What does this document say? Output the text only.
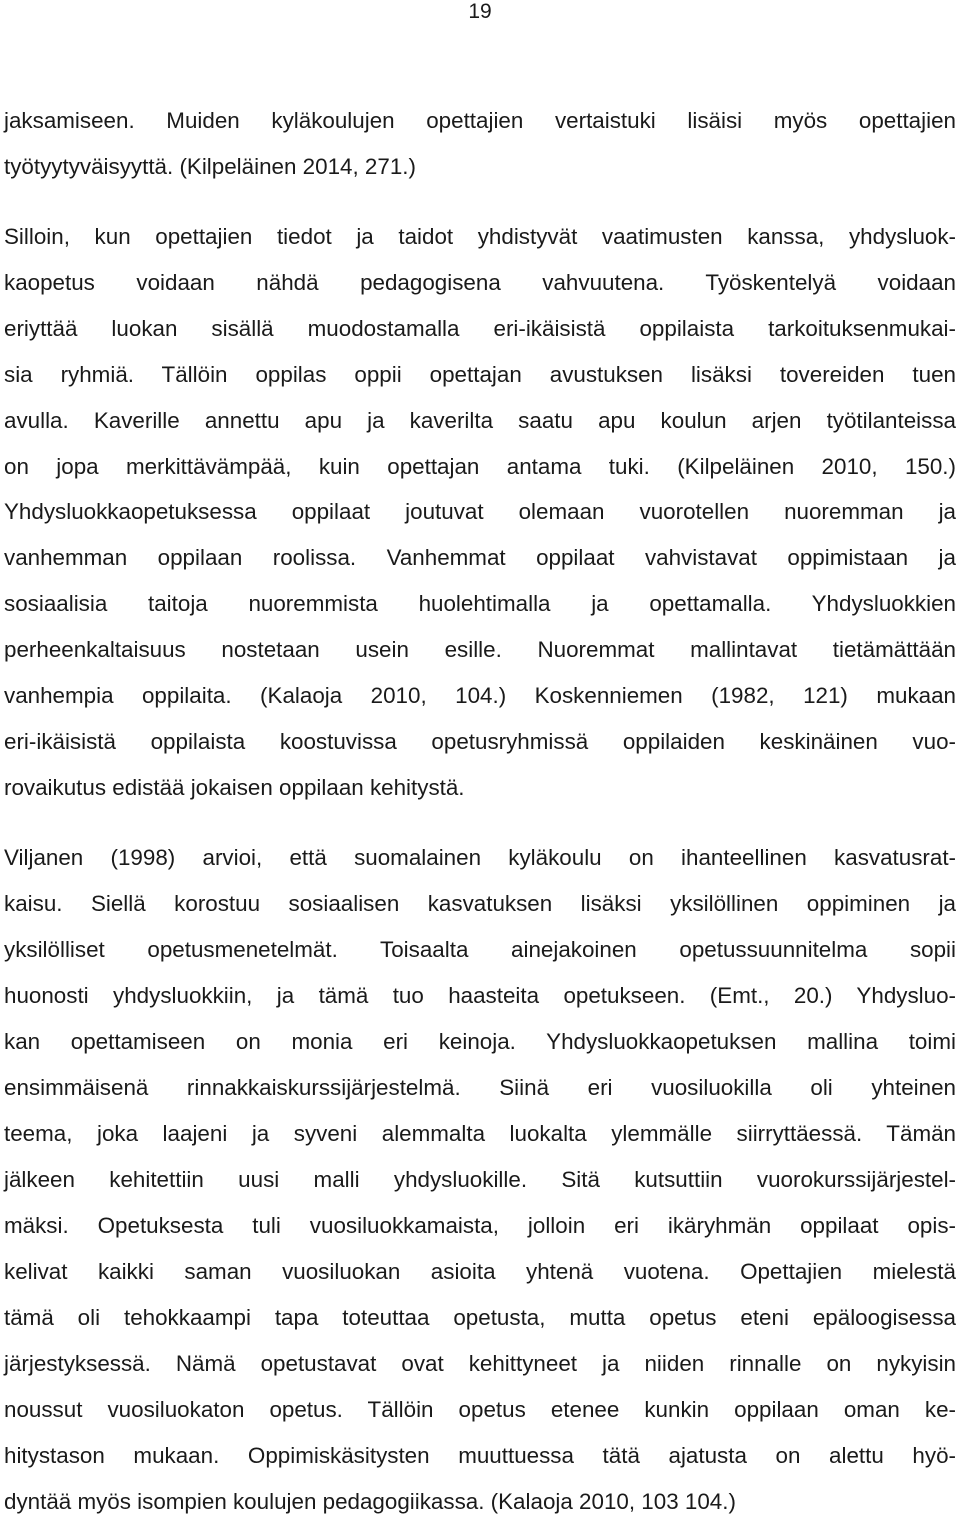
19
jaksamiseen. Muiden kyläkoulujen opettajien vertaistuki lisäisi myös opettajien
työtyytyväisyyttä. (Kilpeläinen 2014, 271.)
Silloin, kun opettajien tiedot ja taidot yhdistyvät vaatimusten kanssa, yhdysluok-
kaopetus voidaan nähdä pedagogisena vahvuutena. Työskentelyä voidaan
eriyttää luokan sisällä muodostamalla eri-ikäisistä oppilaista tarkoituksenmukai-
sia ryhmiä. Tällöin oppilas oppii opettajan avustuksen lisäksi tovereiden tuen
avulla. Kaverille annettu apu ja kaverilta saatu apu koulun arjen työtilanteissa
on jopa merkittävämpää, kuin opettajan antama tuki. (Kilpeläinen 2010, 150.)
Yhdysluokkaopetuksessa oppilaat joutuvat olemaan vuorotellen nuoremman ja
vanhemman oppilaan roolissa. Vanhemmat oppilaat vahvistavat oppimistaan ja
sosiaalisia taitoja nuoremmista huolehtimalla ja opettamalla. Yhdysluokkien
perheenkaltaisuus nostetaan usein esille. Nuoremmat mallintavat tietämättään
vanhempia oppilaita. (Kalaoja 2010, 104.) Koskenniemen (1982, 121) mukaan
eri-ikäisistä oppilaista koostuvissa opetusryhmissä oppilaiden keskinäinen vuo-
rovaikutus edistää jokaisen oppilaan kehitystä.
Viljanen (1998) arvioi, että suomalainen kyläkoulu on ihanteellinen kasvatusrat-
kaisu. Siellä korostuu sosiaalisen kasvatuksen lisäksi yksilöllinen oppiminen ja
yksilölliset opetusmenetelmät. Toisaalta ainejakoinen opetussuunnitelma sopii
huonosti yhdysluokkiin, ja tämä tuo haasteita opetukseen. (Emt., 20.) Yhdysluo-
kan opettamiseen on monia eri keinoja. Yhdysluokkaopetuksen mallina toimi
ensimmäisenä rinnakkaiskurssijärjestelmä. Siinä eri vuosiluokilla oli yhteinen
teema, joka laajeni ja syveni alemmalta luokalta ylemmälle siirryttäessä. Tämän
jälkeen kehitettiin uusi malli yhdysluokille. Sitä kutsuttiin vuorokurssijärjestel-
mäksi. Opetuksesta tuli vuosiluokkamaista, jolloin eri ikäryhmän oppilaat opis-
kelivat kaikki saman vuosiluokan asioita yhtenä vuotena. Opettajien mielestä
tämä oli tehokkaampi tapa toteuttaa opetusta, mutta opetus eteni epäloogisessa
järjestyksessä. Nämä opetustavat ovat kehittyneet ja niiden rinnalle on nykyisin
noussut vuosiluokaton opetus. Tällöin opetus etenee kunkin oppilaan oman ke-
hitystason mukaan. Oppimiskäsitysten muuttuessa tätä ajatusta on alettu hyö-
dyntää myös isompien koulujen pedagogiikassa. (Kalaoja 2010, 103 104.)
